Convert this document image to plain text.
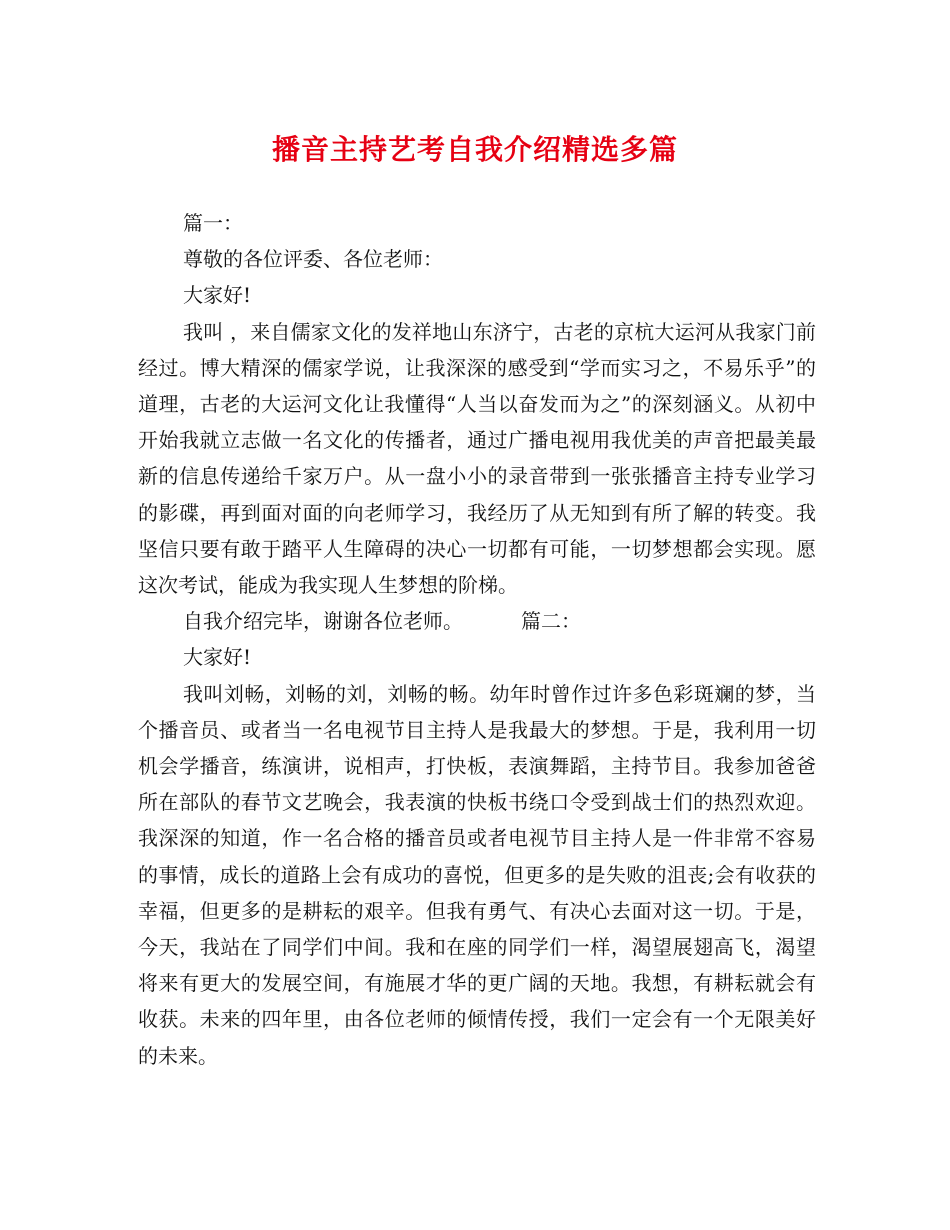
播音主持艺考自我介绍精选多篇

篇一：

尊敬的各位评委、各位老师：

大家好!

我叫 ，来自儒家文化的发祥地山东济宁，古老的京杭大运河从我家门前经过。博大精深的儒家学说，让我深深的感受到“学而实习之，不易乐乎”的道理，古老的大运河文化让我懂得“人当以奋发而为之”的深刻涵义。从初中开始我就立志做一名文化的传播者，通过广播电视用我优美的声音把最美最新的信息传递给千家万户。从一盘小小的录音带到一张张播音主持专业学习的影碟，再到面对面的向老师学习，我经历了从无知到有所了解的转变。我坚信只要有敢于踏平人生障碍的决心一切都有可能，一切梦想都会实现。愿这次考试，能成为我实现人生梦想的阶梯。

自我介绍完毕，谢谢各位老师。	篇二：

大家好!

我叫刘畅，刘畅的刘，刘畅的畅。幼年时曾作过许多色彩斑斓的梦，当个播音员、或者当一名电视节目主持人是我最大的梦想。于是，我利用一切机会学播音，练演讲，说相声，打快板，表演舞蹈，主持节目。我参加爸爸所在部队的春节文艺晚会，我表演的快板书绕口令受到战士们的热烈欢迎。我深深的知道，作一名合格的播音员或者电视节目主持人是一件非常不容易的事情，成长的道路上会有成功的喜悦，但更多的是失败的沮丧;会有收获的幸福，但更多的是耕耘的艰辛。但我有勇气、有决心去面对这一切。于是，今天，我站在了同学们中间。我和在座的同学们一样，渴望展翅高飞，渴望将来有更大的发展空间，有施展才华的更广阔的天地。我想，有耕耘就会有收获。未来的四年里，由各位老师的倾情传授，我们一定会有一个无限美好的未来。
